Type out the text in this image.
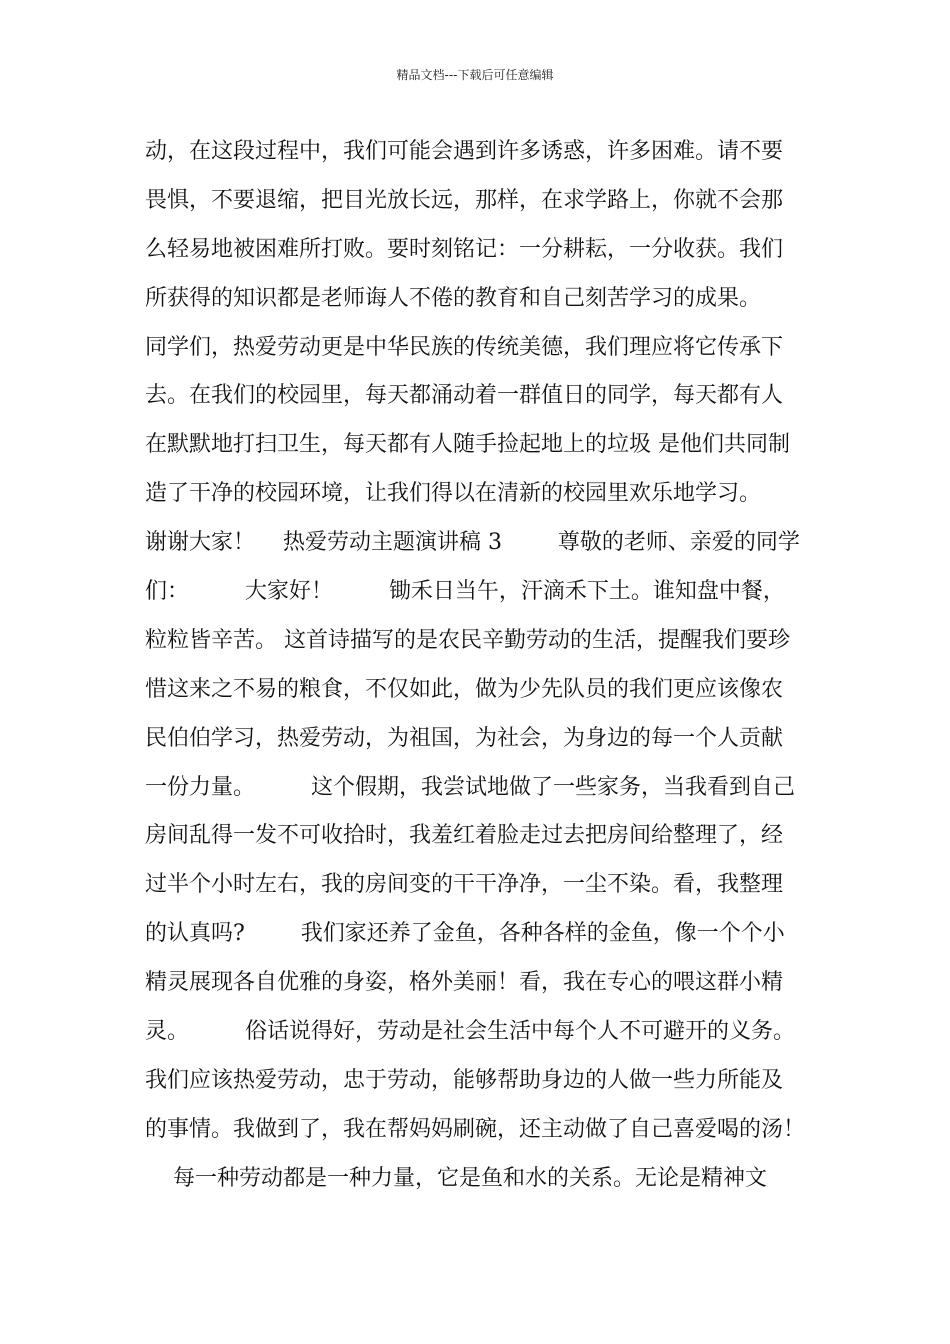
精品文档---下载后可任意编辑
动，在这段过程中，我们可能会遇到许多诱惑，许多困难。请不要
畏惧，不要退缩，把目光放长远，那样，在求学路上，你就不会那
么轻易地被困难所打败。要时刻铭记：一分耕耘，一分收获。我们
所获得的知识都是老师诲人不倦的教育和自己刻苦学习的成果。
同学们，热爱劳动更是中华民族的传统美德，我们理应将它传承下
去。在我们的校园里，每天都涌动着一群值日的同学，每天都有人
在默默地打扫卫生，每天都有人随手捡起地上的垃圾 是他们共同制
造了干净的校园环境，让我们得以在清新的校园里欢乐地学习。
谢谢大家！    热爱劳动主题演讲稿 3        尊敬的老师、亲爱的同学
们：        大家好！        锄禾日当午，汗滴禾下土。谁知盘中餐，
粒粒皆辛苦。 这首诗描写的是农民辛勤劳动的生活，提醒我们要珍
惜这来之不易的粮食，不仅如此，做为少先队员的我们更应该像农
民伯伯学习，热爱劳动，为祖国，为社会，为身边的每一个人贡献
一份力量。        这个假期，我尝试地做了一些家务，当我看到自己
房间乱得一发不可收拾时，我羞红着脸走过去把房间给整理了，经
过半个小时左右，我的房间变的干干净净，一尘不染。看，我整理
的认真吗?        我们家还养了金鱼，各种各样的金鱼，像一个个小
精灵展现各自优雅的身姿，格外美丽！看，我在专心的喂这群小精
灵。        俗话说得好，劳动是社会生活中每个人不可避开的义务。
我们应该热爱劳动，忠于劳动，能够帮助身边的人做一些力所能及
的事情。我做到了，我在帮妈妈刷碗，还主动做了自己喜爱喝的汤！
每一种劳动都是一种力量，它是鱼和水的关系。无论是精神文
